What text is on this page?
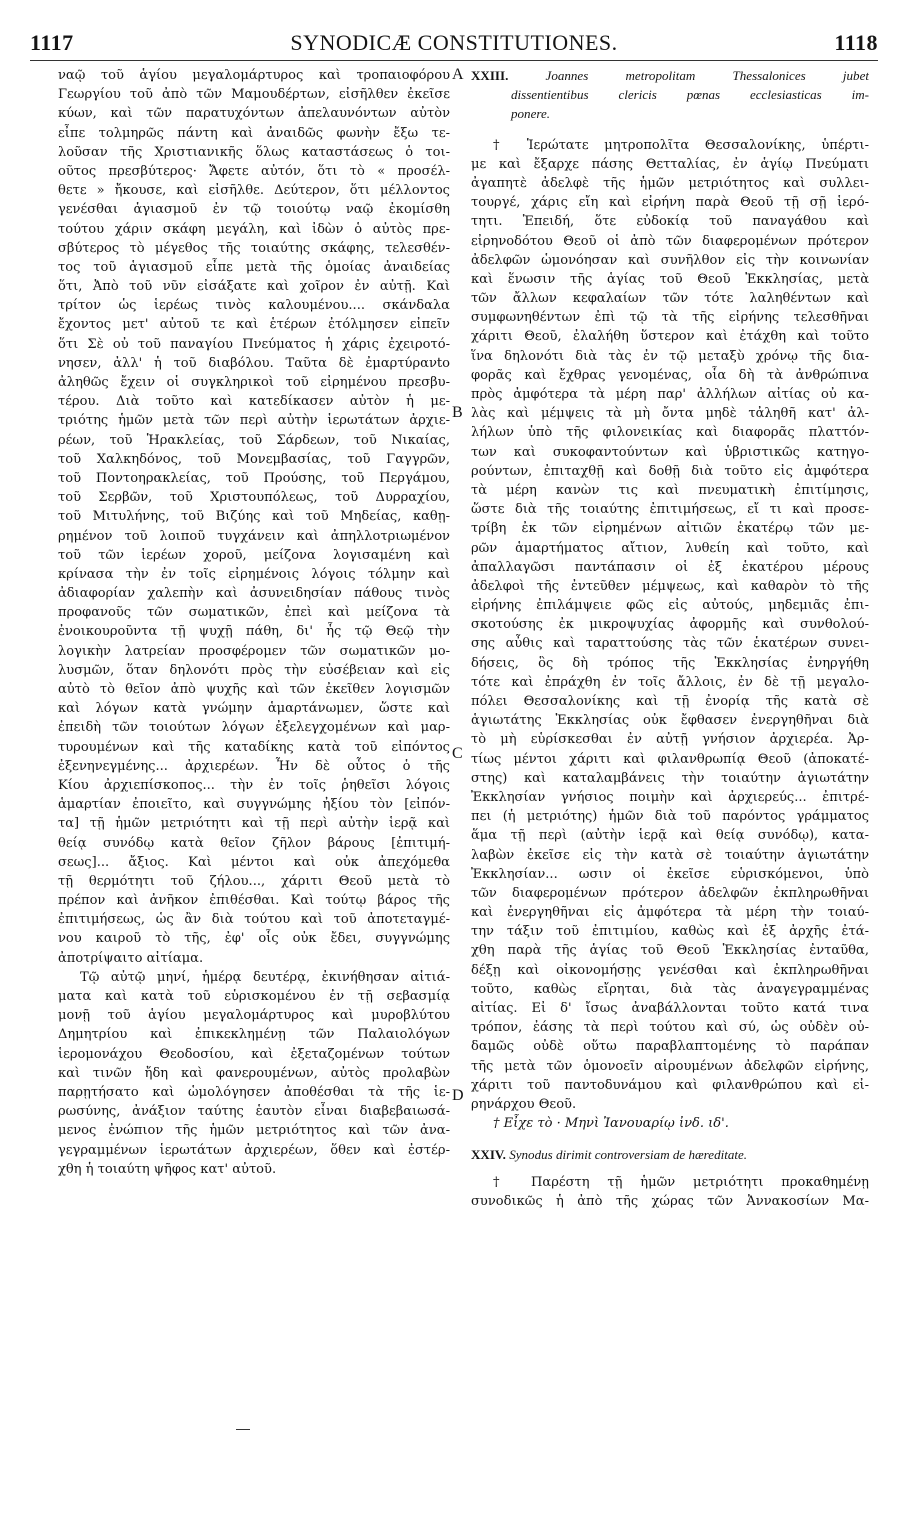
1117	SYNODICÆ CONSTITUTIONES.	1118
A
B
C
D
ναῷ τοῦ ἁγίου μεγαλομάρτυρος καὶ τροπαιοφόρου
Γεωργίου τοῦ ἀπὸ τῶν Μαμουδέρτων, εἰσῆλθεν ἐκεῖσε
κύων, καὶ τῶν παρατυχόντων ἀπελαυνόντων αὐτὸν
εἶπε τολμηρῶς πάντη καὶ ἀναιδῶς φωνὴν ἔξω τε-
λοῦσαν τῆς Χριστιανικῆς ὅλως καταστάσεως ὁ τοι-
οῦτος πρεσβύτερος· Ἄφετε αὐτόν, ὅτι τὸ « προσέλ-
θετε » ἤκουσε, καὶ εἰσῆλθε. Δεύτερον, ὅτι μέλλοντος
γενέσθαι ἁγιασμοῦ ἐν τῷ τοιούτῳ ναῷ ἐκομίσθη
τούτου χάριν σκάφη μεγάλη, καὶ ἰδὼν ὁ αὐτὸς πρε-
σβύτερος τὸ μέγεθος τῆς τοιαύτης σκάφης, τελεσθέν-
τος τοῦ ἁγιασμοῦ εἶπε μετὰ τῆς ὁμοίας ἀναιδείας
ὅτι, Ἀπὸ τοῦ νῦν εἰσάξατε καὶ χοῖρον ἐν αὐτῇ. Καὶ
τρίτον ὡς ἱερέως τινὸς καλουμένου.... σκάνδαλα
ἔχοντος μετ' αὐτοῦ τε καὶ ἑτέρων ἐτόλμησεν εἰπεῖν
ὅτι Σὲ οὐ τοῦ παναγίου Πνεύματος ἡ χάρις ἐχειροτό-
νησεν, ἀλλ' ἡ τοῦ διαβόλου. Ταῦτα δὲ ἐμαρτύρανto
ἀληθῶς ἔχειν οἱ συγκληρικοὶ τοῦ εἰρημένου πρεσβυ-
τέρου. Διὰ τοῦτο καὶ κατεδίκασεν αὐτὸν ἡ με-
τριότης ἡμῶν μετὰ τῶν περὶ αὐτὴν ἱερωτάτων ἀρχιε-
ρέων, τοῦ Ἡρακλείας, τοῦ Σάρδεων, τοῦ Νικαίας,
τοῦ Χαλκηδόνος, τοῦ Μονεμβασίας, τοῦ Γαγγρῶν,
τοῦ Ποντοηρακλείας, τοῦ Προύσης, τοῦ Περγάμου,
τοῦ Σερβῶν, τοῦ Χριστουπόλεως, τοῦ Δυρραχίου,
τοῦ Μιτυλήνης, τοῦ Βιζύης καὶ τοῦ Μηδείας, καθῃ-
ρημένον τοῦ λοιποῦ τυγχάνειν καὶ ἀπηλλοτριωμένον
τοῦ τῶν ἱερέων χοροῦ, μείζονα λογισαμένη καὶ
κρίνασα τὴν ἐν τοῖς εἰρημένοις λόγοις τόλμην καὶ
ἀδιαφορίαν χαλεπὴν καὶ ἀσυνειδησίαν πάθους τινὸς
προφανοῦς τῶν σωματικῶν, ἐπεὶ καὶ μείζονα τὰ
ἐνοικουροῦντα τῇ ψυχῇ πάθη, δι' ἧς τῷ Θεῷ τὴν
λογικὴν λατρείαν προσφέρομεν τῶν σωματικῶν μο-
λυσμῶν, ὅταν δηλονότι πρὸς τὴν εὐσέβειαν καὶ εἰς
αὐτὸ τὸ θεῖον ἀπὸ ψυχῆς καὶ τῶν ἐκεῖθεν λογισμῶν
καὶ λόγων κατὰ γνώμην ἁμαρτάνωμεν, ὥστε καὶ
ἐπειδὴ τῶν τοιούτων λόγων ἐξελεγχομένων καὶ μαρ-
τυρουμένων καὶ τῆς καταδίκης κατὰ τοῦ εἰπόντος
ἐξενηνεγμένης... ἀρχιερέων. Ἦν δὲ οὗτος ὁ τῆς
Κίου ἀρχιεπίσκοπος... τὴν ἐν τοῖς ῥηθεῖσι λόγοις
ἁμαρτίαν ἐποιεῖτο, καὶ συγγνώμης ἠξίου τὸν [εἰπόν-
τα] τῇ ἡμῶν μετριότητι καὶ τῇ περὶ αὐτὴν ἱερᾷ καὶ
θείᾳ συνόδῳ κατὰ θεῖον ζῆλον βάρους [ἐπιτιμή-
σεως]... ἄξιος. Καὶ μέντοι καὶ οὐκ ἀπεχόμεθα
τῇ θερμότητι τοῦ ζήλου..., χάριτι Θεοῦ μετὰ τὸ
πρέπον καὶ ἀνῆκον ἐπιθέσθαι. Καὶ τούτῳ βάρος τῆς
ἐπιτιμήσεως, ὡς ἂν διὰ τούτου καὶ τοῦ ἀποτεταγμέ-
νου καιροῦ τὸ τῆς, ἐφ' οἷς οὐκ ἔδει, συγγνώμης
ἀποτρίψαιτο αἰτίαμα.
Τῷ αὐτῷ μηνί, ἡμέρᾳ δευτέρᾳ, ἐκινήθησαν αἰτιά-
ματα καὶ κατὰ τοῦ εὑρισκομένου ἐν τῇ σεβασμίᾳ
μονῇ τοῦ ἁγίου μεγαλομάρτυρος καὶ μυροβλύτου
Δημητρίου καὶ ἐπικεκλημένῃ τῶν Παλαιολόγων
ἱερομονάχου Θεοδοσίου, καὶ ἐξεταζομένων τούτων
καὶ τινῶν ἤδη καὶ φανερουμένων, αὐτὸς προλαβὼν
παρῃτήσατο καὶ ὡμολόγησεν ἀποθέσθαι τὰ τῆς ἱε-
ρωσύνης, ἀνάξιον ταύτης ἑαυτὸν εἶναι διαβεβαιωσά-
μενος ἐνώπιον τῆς ἡμῶν μετριότητος καὶ τῶν ἀνα-
γεγραμμένων ἱερωτάτων ἀρχιερέων, ὅθεν καὶ ἐστέρ-
χθη ἡ τοιαύτη ψῆφος κατ' αὐτοῦ.
XXIII.	Joannes metropolitam Thessalonices jubet
dissentientibus clericis pœnas ecclesiasticas im-
ponere.
† Ἱερώτατε μητροπολῖτα Θεσσαλονίκης, ὑπέρτι-
με καὶ ἔξαρχε πάσης Θετταλίας, ἐν ἁγίῳ Πνεύματι
ἀγαπητὲ ἀδελφὲ τῆς ἡμῶν μετριότητος καὶ συλλει-
τουργέ, χάρις εἴη καὶ εἰρήνη παρὰ Θεοῦ τῇ σῇ ἱερό-
τητι. Ἐπειδή, ὅτε εὐδοκίᾳ τοῦ παναγάθου καὶ
εἰρηνοδότου Θεοῦ οἱ ἀπὸ τῶν διαφερομένων πρότερον
ἀδελφῶν ὡμονόησαν καὶ συνῆλθον εἰς τὴν κοινωνίαν
καὶ ἕνωσιν τῆς ἁγίας τοῦ Θεοῦ Ἐκκλησίας, μετὰ
τῶν ἄλλων κεφαλαίων τῶν τότε λαληθέντων καὶ
συμφωνηθέντων ἐπὶ τῷ τὰ τῆς εἰρήνης τελεσθῆναι
χάριτι Θεοῦ, ἐλαλήθη ὕστερον καὶ ἐτάχθη καὶ τοῦτο
ἵνα δηλονότι διὰ τὰς ἐν τῷ μεταξὺ χρόνῳ τῆς δια-
φορᾶς καὶ ἔχθρας γενομένας, οἷα δὴ τὰ ἀνθρώπινα
πρὸς ἀμφότερα τὰ μέρη παρ' ἀλλήλων αἰτίας οὐ κα-
λὰς καὶ μέμψεις τὰ μὴ ὄντα μηδὲ τἀληθῆ κατ' ἀλ-
λήλων ὑπὸ τῆς φιλονεικίας καὶ διαφορᾶς πλαττόν-
των καὶ συκοφαντούντων καὶ ὑβριστικῶς κατηγο-
ρούντων, ἐπιταχθῇ καὶ δοθῇ διὰ τοῦτο εἰς ἀμφότερα
τὰ μέρη κανὼν τις καὶ πνευματικὴ ἐπιτίμησις,
ὥστε διὰ τῆς τοιαύτης ἐπιτιμήσεως, εἴ τι καὶ προσε-
τρίβη ἐκ τῶν εἰρημένων αἰτιῶν ἑκατέρῳ τῶν με-
ρῶν ἁμαρτήματος αἴτιον, λυθείη καὶ τοῦτο, καὶ
ἀπαλλαγῶσι παντάπασιν οἱ ἐξ ἑκατέρου μέρους
ἀδελφοὶ τῆς ἐντεῦθεν μέμψεως, καὶ καθαρὸν τὸ τῆς
εἰρήνης ἐπιλάμψειε φῶς εἰς αὐτούς, μηδεμιᾶς ἐπι-
σκοτούσης ἐκ μικροψυχίας ἀφορμῆς καὶ συνθολού-
σης αὖθις καὶ ταραττούσης τὰς τῶν ἑκατέρων συνει-
δήσεις, ὃς δὴ τρόπος τῆς Ἐκκλησίας ἐνηργήθη
τότε καὶ ἐπράχθη ἐν τοῖς ἄλλοις, ἐν δὲ τῇ μεγαλο-
πόλει Θεσσαλονίκης καὶ τῇ ἐνορίᾳ τῆς κατὰ σὲ
ἁγιωτάτης Ἐκκλησίας οὐκ ἔφθασεν ἐνεργηθῆναι διὰ
τὸ μὴ εὑρίσκεσθαι ἐν αὐτῇ γνήσιον ἀρχιερέα. Ἀρ-
τίως μέντοι χάριτι καὶ φιλανθρωπίᾳ Θεοῦ (ἀποκατέ-
στης) καὶ καταλαμβάνεις τὴν τοιαύτην ἁγιωτάτην
Ἐκκλησίαν γνήσιος ποιμὴν καὶ ἀρχιερεύς... ἐπιτρέ-
πει (ἡ μετριότης) ἡμῶν διὰ τοῦ παρόντος γράμματος
ἅμα τῇ περὶ (αὐτὴν ἱερᾷ καὶ θείᾳ συνόδῳ), κατα-
λαβὼν ἐκεῖσε εἰς τὴν κατὰ σὲ τοιαύτην ἁγιωτάτην
Ἐκκλησίαν... ωσιν οἱ ἐκεῖσε εὑρισκόμενοι, ὑπὸ
τῶν διαφερομένων πρότερον ἀδελφῶν ἐκπληρωθῆναι
καὶ ἐνεργηθῆναι εἰς ἀμφότερα τὰ μέρη τὴν τοιαύ-
την τάξιν τοῦ ἐπιτιμίου, καθὼς καὶ ἐξ ἀρχῆς ἐτά-
χθη παρὰ τῆς ἁγίας τοῦ Θεοῦ Ἐκκλησίας ἐνταῦθα,
δέξῃ καὶ οἰκονομήσῃς γενέσθαι καὶ ἐκπληρωθῆναι
τοῦτο, καθὼς εἴρηται, διὰ τὰς ἀναγεγραμμένας
αἰτίας. Εἰ δ' ἴσως ἀναβάλλονται τοῦτο κατά τινα
τρόπον, ἐάσης τὰ περὶ τούτου καὶ σύ, ὡς οὐδὲν οὐ-
δαμῶς οὐδὲ οὕτω παραβλαπτομένης τὸ παράπαν
τῆς μετὰ τῶν ὁμονοεῖν αἱρουμένων ἀδελφῶν εἰρήνης,
χάριτι τοῦ παντοδυνάμου καὶ φιλανθρώπου καὶ εἰ-
ρηνάρχου Θεοῦ.
† Εἶχε τὸ · Μηνὶ Ἰανουαρίῳ ἰνδ. ιδ'.
XXIV. Synodus dirimit controversiam de hæreditate.
† Παρέστη τῇ ἡμῶν μετριότητι προκαθημένῃ
συνοδικῶς ἡ ἀπὸ τῆς χώρας τῶν Ἀννακοσίων Μα-
